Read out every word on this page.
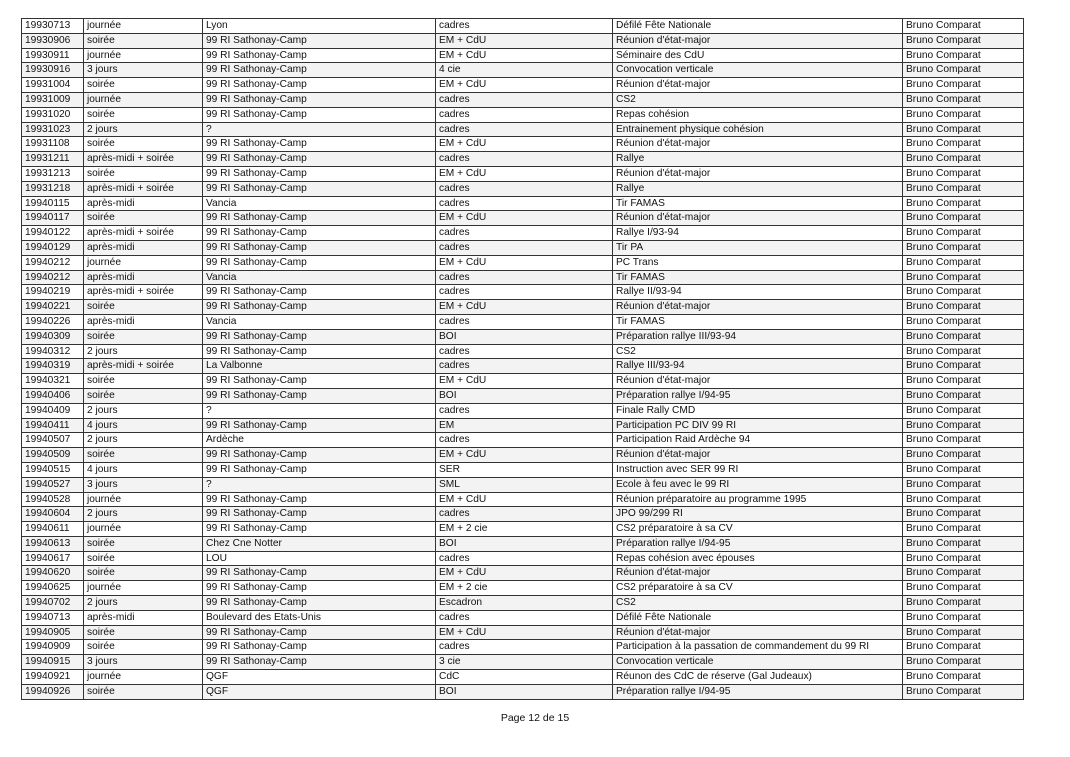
19930713	journée	Lyon	cadres	Défilé Fête Nationale	Bruno Comparat
19930906	soirée	99 RI Sathonay-Camp	EM + CdU	Réunion d'état-major	Bruno Comparat
19930911	journée	99 RI Sathonay-Camp	EM + CdU	Séminaire des CdU	Bruno Comparat
19930916	3 jours	99 RI Sathonay-Camp	4 cie	Convocation verticale	Bruno Comparat
19931004	soirée	99 RI Sathonay-Camp	EM + CdU	Réunion d'état-major	Bruno Comparat
19931009	journée	99 RI Sathonay-Camp	cadres	CS2	Bruno Comparat
19931020	soirée	99 RI Sathonay-Camp	cadres	Repas cohésion	Bruno Comparat
19931023	2 jours	?	cadres	Entrainement physique cohésion	Bruno Comparat
19931108	soirée	99 RI Sathonay-Camp	EM + CdU	Réunion d'état-major	Bruno Comparat
19931211	après-midi + soirée	99 RI Sathonay-Camp	cadres	Rallye	Bruno Comparat
19931213	soirée	99 RI Sathonay-Camp	EM + CdU	Réunion d'état-major	Bruno Comparat
19931218	après-midi + soirée	99 RI Sathonay-Camp	cadres	Rallye	Bruno Comparat
19940115	après-midi	Vancia	cadres	Tir FAMAS	Bruno Comparat
19940117	soirée	99 RI Sathonay-Camp	EM + CdU	Réunion d'état-major	Bruno Comparat
19940122	après-midi + soirée	99 RI Sathonay-Camp	cadres	Rallye I/93-94	Bruno Comparat
19940129	après-midi	99 RI Sathonay-Camp	cadres	Tir PA	Bruno Comparat
19940212	journée	99 RI Sathonay-Camp	EM + CdU	PC Trans	Bruno Comparat
19940212	après-midi	Vancia	cadres	Tir FAMAS	Bruno Comparat
19940219	après-midi + soirée	99 RI Sathonay-Camp	cadres	Rallye II/93-94	Bruno Comparat
19940221	soirée	99 RI Sathonay-Camp	EM + CdU	Réunion d'état-major	Bruno Comparat
19940226	après-midi	Vancia	cadres	Tir FAMAS	Bruno Comparat
19940309	soirée	99 RI Sathonay-Camp	BOI	Préparation rallye III/93-94	Bruno Comparat
19940312	2 jours	99 RI Sathonay-Camp	cadres	CS2	Bruno Comparat
19940319	après-midi + soirée	La Valbonne	cadres	Rallye III/93-94	Bruno Comparat
19940321	soirée	99 RI Sathonay-Camp	EM + CdU	Réunion d'état-major	Bruno Comparat
19940406	soirée	99 RI Sathonay-Camp	BOI	Préparation rallye I/94-95	Bruno Comparat
19940409	2 jours	?	cadres	Finale Rally CMD	Bruno Comparat
19940411	4 jours	99 RI Sathonay-Camp	EM	Participation PC DIV 99 RI	Bruno Comparat
19940507	2 jours	Ardèche	cadres	Participation Raid Ardèche 94	Bruno Comparat
19940509	soirée	99 RI Sathonay-Camp	EM + CdU	Réunion d'état-major	Bruno Comparat
19940515	4 jours	99 RI Sathonay-Camp	SER	Instruction avec SER 99 RI	Bruno Comparat
19940527	3 jours	?	SML	Ecole à feu avec le 99 RI	Bruno Comparat
19940528	journée	99 RI Sathonay-Camp	EM + CdU	Réunion préparatoire au programme 1995	Bruno Comparat
19940604	2 jours	99 RI Sathonay-Camp	cadres	JPO 99/299 RI	Bruno Comparat
19940611	journée	99 RI Sathonay-Camp	EM + 2 cie	CS2 préparatoire à sa CV	Bruno Comparat
19940613	soirée	Chez Cne Notter	BOI	Préparation rallye I/94-95	Bruno Comparat
19940617	soirée	LOU	cadres	Repas cohésion avec épouses	Bruno Comparat
19940620	soirée	99 RI Sathonay-Camp	EM + CdU	Réunion d'état-major	Bruno Comparat
19940625	journée	99 RI Sathonay-Camp	EM + 2 cie	CS2 préparatoire à sa CV	Bruno Comparat
19940702	2 jours	99 RI Sathonay-Camp	Escadron	CS2	Bruno Comparat
19940713	après-midi	Boulevard des Etats-Unis	cadres	Défilé Fête Nationale	Bruno Comparat
19940905	soirée	99 RI Sathonay-Camp	EM + CdU	Réunion d'état-major	Bruno Comparat
19940909	soirée	99 RI Sathonay-Camp	cadres	Participation à la passation de commandement du 99 RI	Bruno Comparat
19940915	3 jours	99 RI Sathonay-Camp	3 cie	Convocation verticale	Bruno Comparat
19940921	journée	QGF	CdC	Réunon des CdC de réserve (Gal Judeaux)	Bruno Comparat
19940926	soirée	QGF	BOI	Préparation rallye I/94-95	Bruno Comparat
Page 12 de 15
